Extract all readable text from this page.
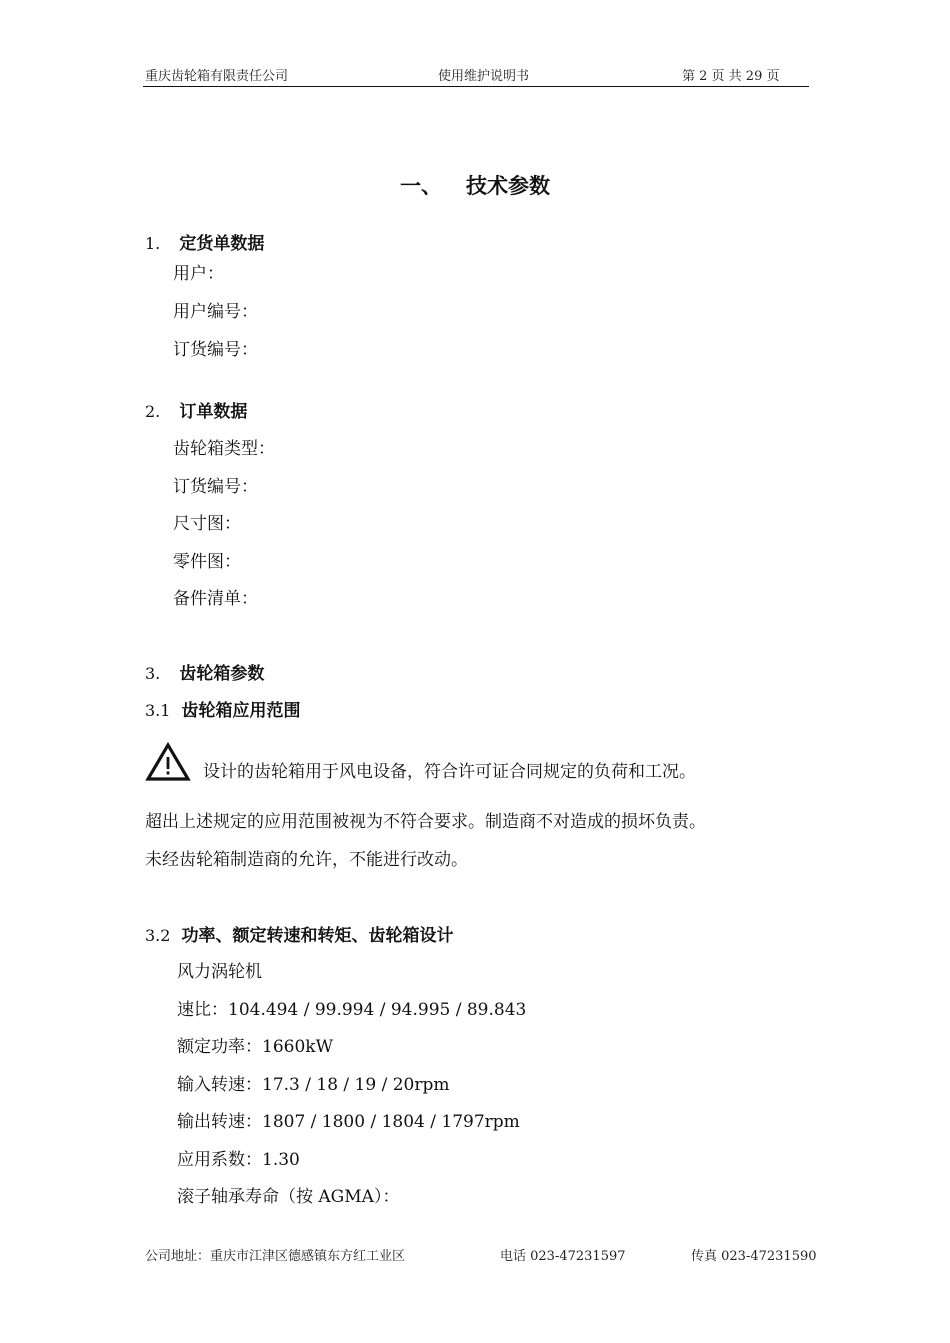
重庆齿轮箱有限责任公司	使用维护说明书	第 2 页 共 29 页
一、 技术参数
1. 定货单数据
用户：
用户编号：
订货编号：
2. 订单数据
齿轮箱类型：
订货编号：
尺寸图：
零件图：
备件清单：
3. 齿轮箱参数
3.1 齿轮箱应用范围
设计的齿轮箱用于风电设备，符合许可证合同规定的负荷和工况。
超出上述规定的应用范围被视为不符合要求。制造商不对造成的损坏负责。
未经齿轮箱制造商的允许，不能进行改动。
3.2 功率、额定转速和转矩、齿轮箱设计
风力涡轮机
速比：104.494 / 99.994 / 94.995 / 89.843
额定功率：1660kW
输入转速：17.3 / 18 / 19 / 20rpm
输出转速：1807 / 1800 / 1804 / 1797rpm
应用系数：1.30
滚子轴承寿命（按 AGMA）：
公司地址：重庆市江津区德感镇东方红工业区	电话 023-47231597	传真 023-47231590
